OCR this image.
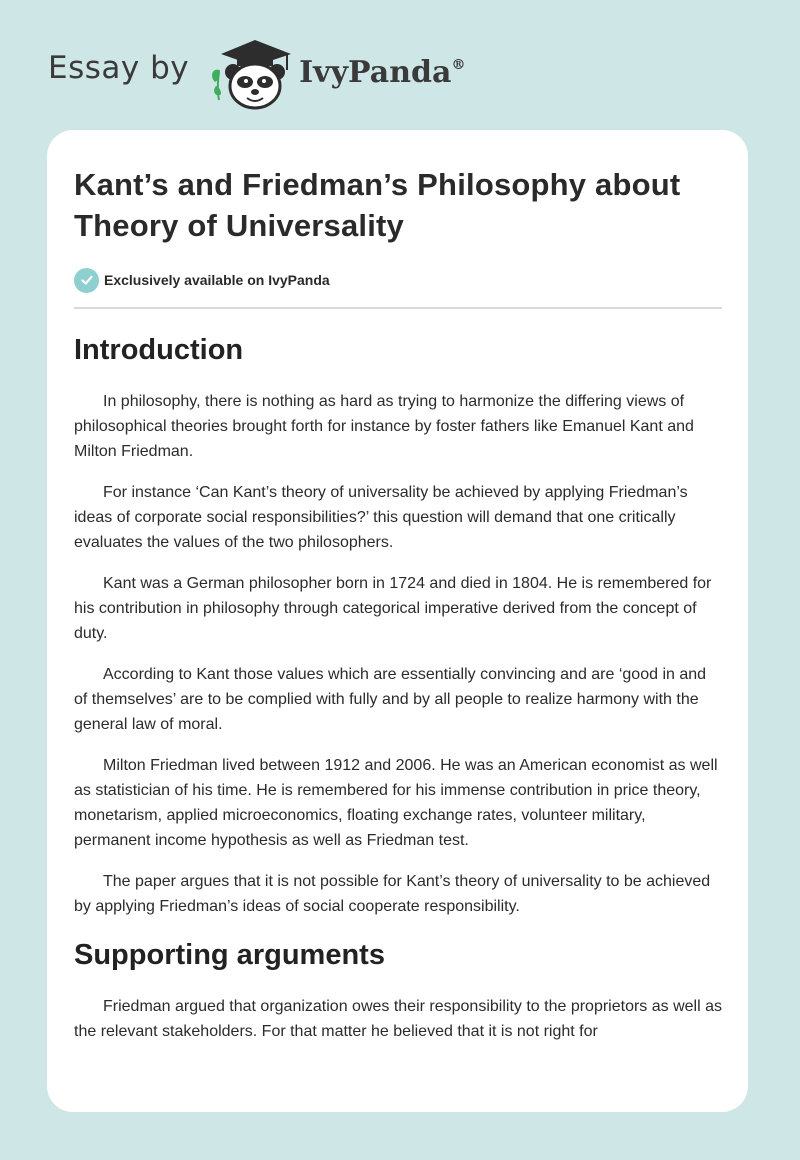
Essay by	IvyPanda®
Kant’s and Friedman’s Philosophy about Theory of Universality
Exclusively available on IvyPanda
Introduction

In philosophy, there is nothing as hard as trying to harmonize the differing views of philosophical theories brought forth for instance by foster fathers like Emanuel Kant and Milton Friedman.

For instance ‘Can Kant’s theory of universality be achieved by applying Friedman’s ideas of corporate social responsibilities?’ this question will demand that one critically evaluates the values of the two philosophers.

Kant was a German philosopher born in 1724 and died in 1804. He is remembered for his contribution in philosophy through categorical imperative derived from the concept of duty.

According to Kant those values which are essentially convincing and are ‘good in and of themselves’ are to be complied with fully and by all people to realize harmony with the general law of moral.

Milton Friedman lived between 1912 and 2006. He was an American economist as well as statistician of his time. He is remembered for his immense contribution in price theory, monetarism, applied microeconomics, floating exchange rates, volunteer military, permanent income hypothesis as well as Friedman test.

The paper argues that it is not possible for Kant’s theory of universality to be achieved by applying Friedman’s ideas of social cooperate responsibility.

Supporting arguments

Friedman argued that organization owes their responsibility to the proprietors as well as the relevant stakeholders. For that matter he believed that it is not right for
